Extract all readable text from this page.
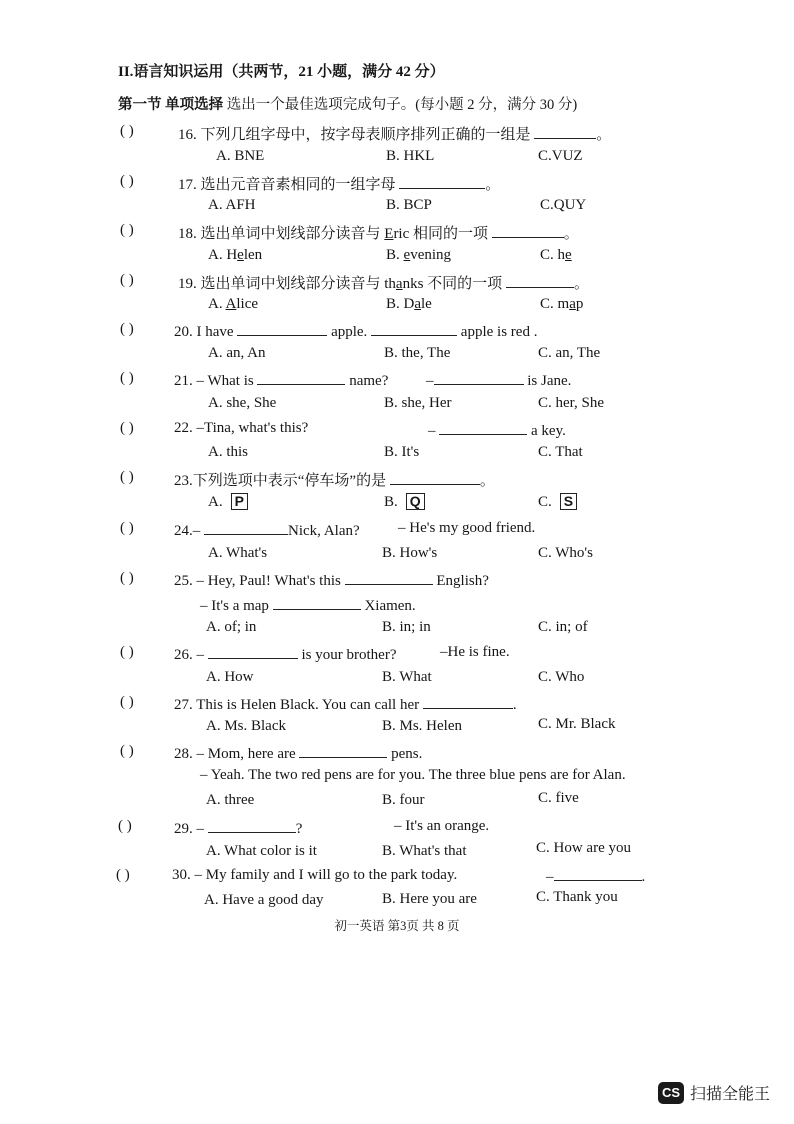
II.语言知识运用（共两节，21 小题，满分 42 分）
第一节 单项选择 选出一个最佳选项完成句子。(每小题 2 分，满分 30 分)
( )	16. 下列几组字母中，按字母表顺序排列正确的一组是	。
A. BNE	B. HKL	C.VUZ
( )	17. 选出元音音素相同的一组字母	。
A. AFH	B. BCP	C.QUY
( )	18. 选出单词中划线部分读音与 Eric 相同的一项	。
A. Helen	B. evening	C. he
( )	19. 选出单词中划线部分读音与 thanks 不同的一项	。
A. Alice	B. Dale	C. map
( )	20. I have	apple.	apple is red .
A. an, An	B. the, The	C. an, The
( )	21. – What is	name?	–	is Jane.
A. she, She	B. she, Her	C. her, She
( )	22. –Tina, what's this?	–	a key.
A. this	B. It's	C. That
( )	23.下列选项中表示“停车场”的是	。
A. P	B. Q	C. S
( )	24.–	Nick, Alan?	– He's my good friend.
A. What's	B. How's	C. Who's
( )	25. – Hey, Paul! What's this	English?
– It's a map	Xiamen.
A. of; in	B. in; in	C. in; of
( )	26. –	is your brother?	–He is fine.
A. How	B. What	C. Who
( )	27. This is Helen Black. You can call her	.
A. Ms. Black	B. Ms. Helen	C. Mr. Black
( )	28. – Mom, here are	pens.
– Yeah. The two red pens are for you. The three blue pens are for Alan.
A. three	B. four	C. five
( )	29. –	?	– It's an orange.
A. What color is it	B. What's that	C. How are you
( )	30. – My family and I will go to the park today.	–	.
A. Have a good day	B. Here you are	C. Thank you
初一英语 第3页 共 8 页
CS 扫描全能王
